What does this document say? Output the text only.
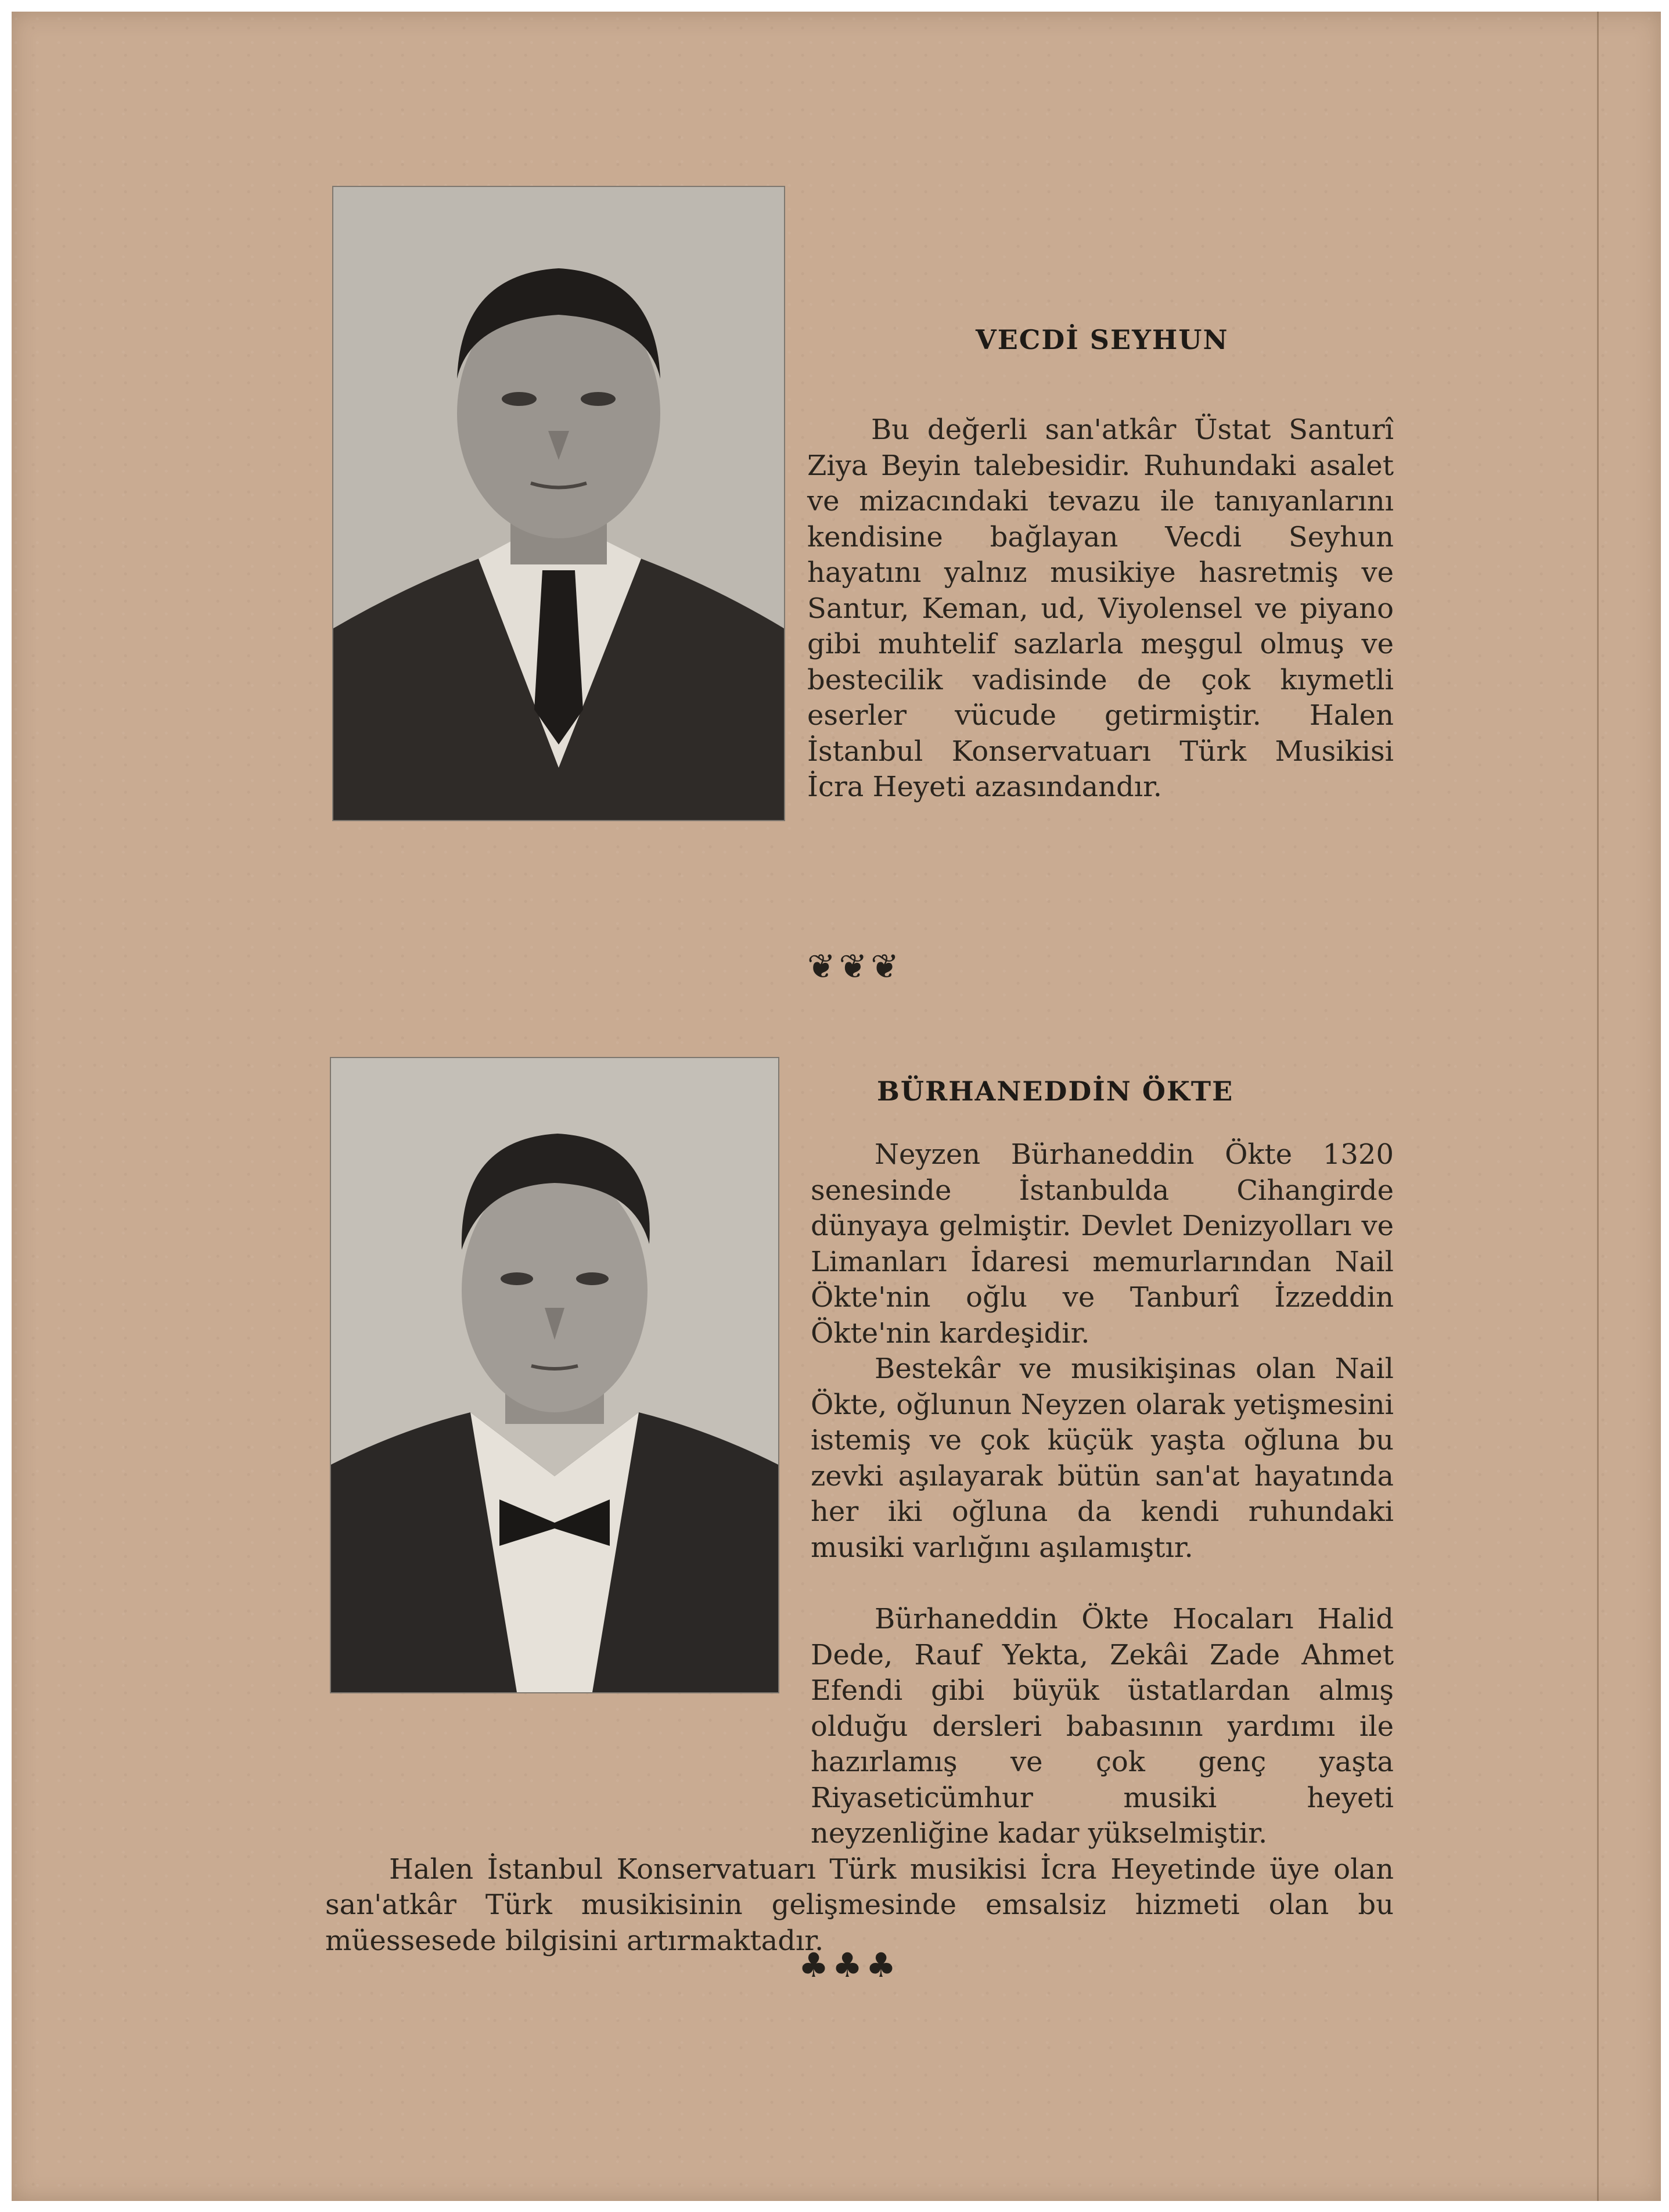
VECDİ SEYHUN

Bu değerli san'atkâr Üstat Santurî Ziya Beyin talebesidir. Ruhundaki asalet ve mizacındaki tevazu ile tanıyanlarını kendisine bağlayan Vecdi Seyhun hayatını yalnız musikiye hasretmiş ve Santur, Keman, ud, Viyolensel ve piyano gibi muhtelif sazlarla meşgul olmuş ve bestecilik vadisinde de çok kıymetli eserler vücude getirmiştir. Halen İstanbul Konservatuarı Türk Musikisi İcra Heyeti azasındandır.

❦❦❦
BÜRHANEDDİN ÖKTE

Neyzen Bürhaneddin Ökte 1320 senesinde İstanbulda Cihangirde dünyaya gelmiştir. Devlet Denizyolları ve Limanları İdaresi memurlarından Nail Ökte'nin oğlu ve Tanburî İzzeddin Ökte'nin kardeşidir.

Bestekâr ve musikişinas olan Nail Ökte, oğlunun Neyzen olarak yetişmesini istemiş ve çok küçük yaşta oğluna bu zevki aşılayarak bütün san'at hayatında her iki oğluna da kendi ruhundaki musiki varlığını aşılamıştır.

Bürhaneddin Ökte Hocaları Halid Dede, Rauf Yekta, Zekâi Zade Ahmet Efendi gibi büyük üstatlardan almış olduğu dersleri babasının yardımı ile hazırlamış ve çok genç yaşta Riyaseticümhur musiki heyeti neyzenliğine kadar yükselmiştir.

Halen İstanbul Konservatuarı Türk musikisi İcra Heyetinde üye olan san'atkâr Türk musikisinin gelişmesinde emsalsiz hizmeti olan bu müessesede bilgisini artırmaktadır.

♣♣♣
